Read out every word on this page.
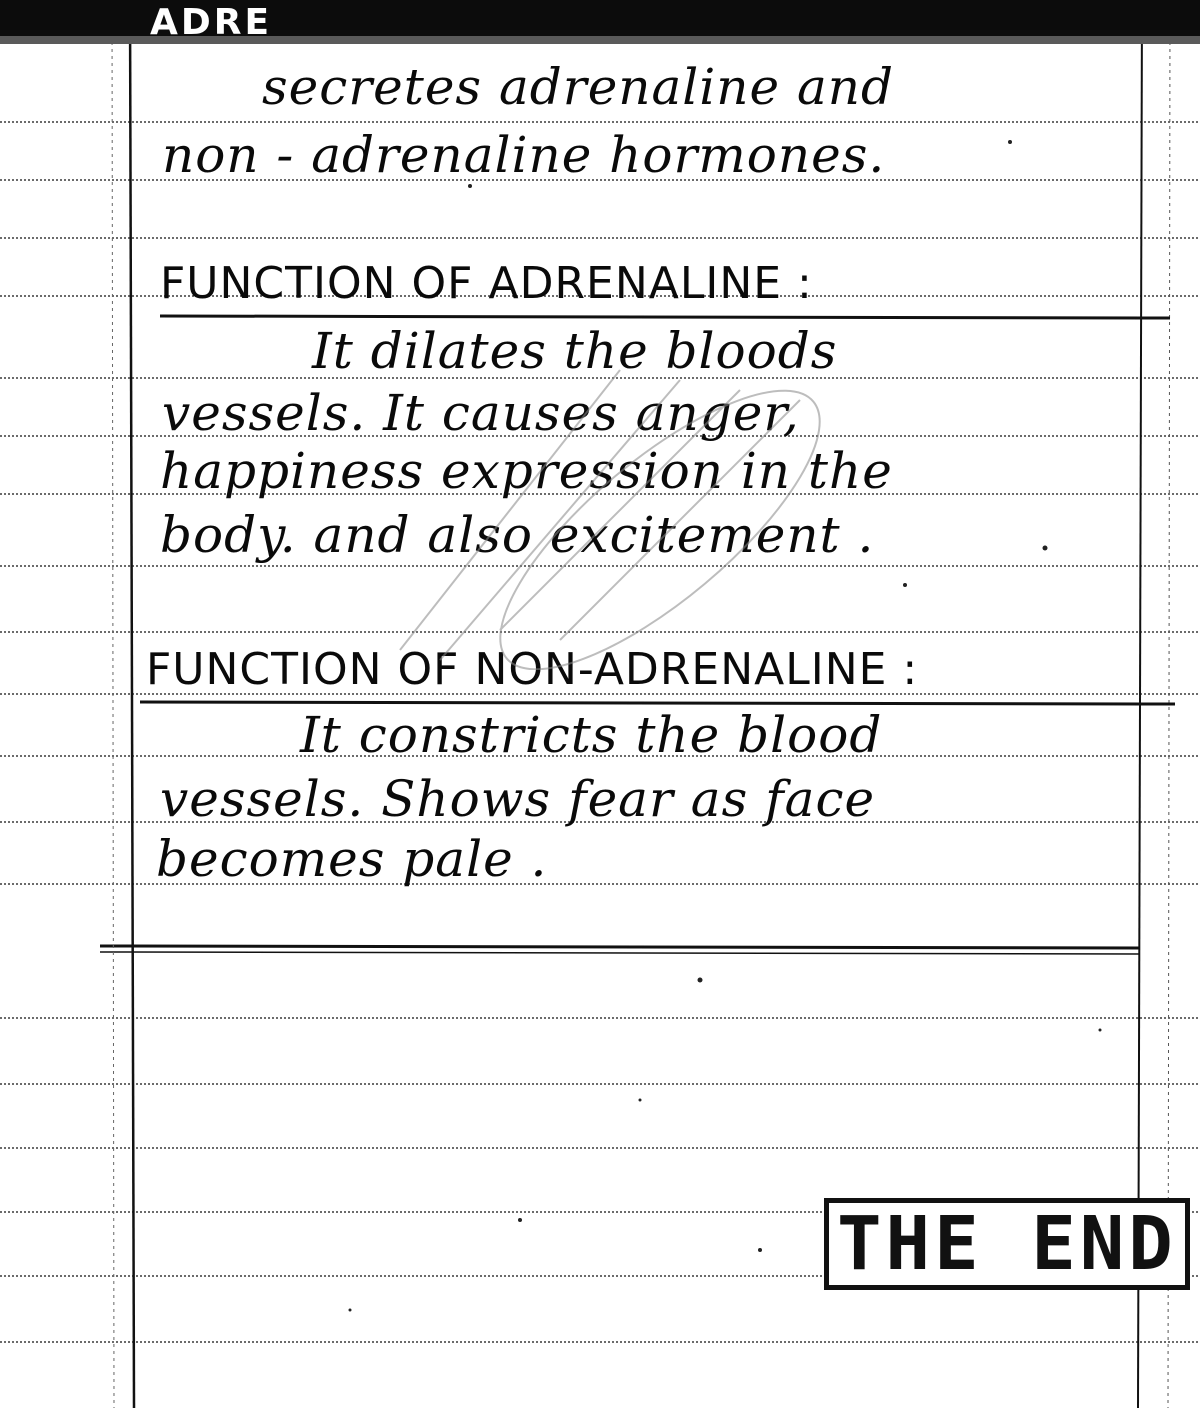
ADRE
secretes adrenaline and
non - adrenaline hormones.
FUNCTION OF ADRENALINE :
It dilates the bloods
vessels. It causes anger,
happiness expression in the
body. and also excitement .
FUNCTION OF NON-ADRENALINE :
It constricts the blood
vessels. Shows fear as face
becomes pale .
THE END
